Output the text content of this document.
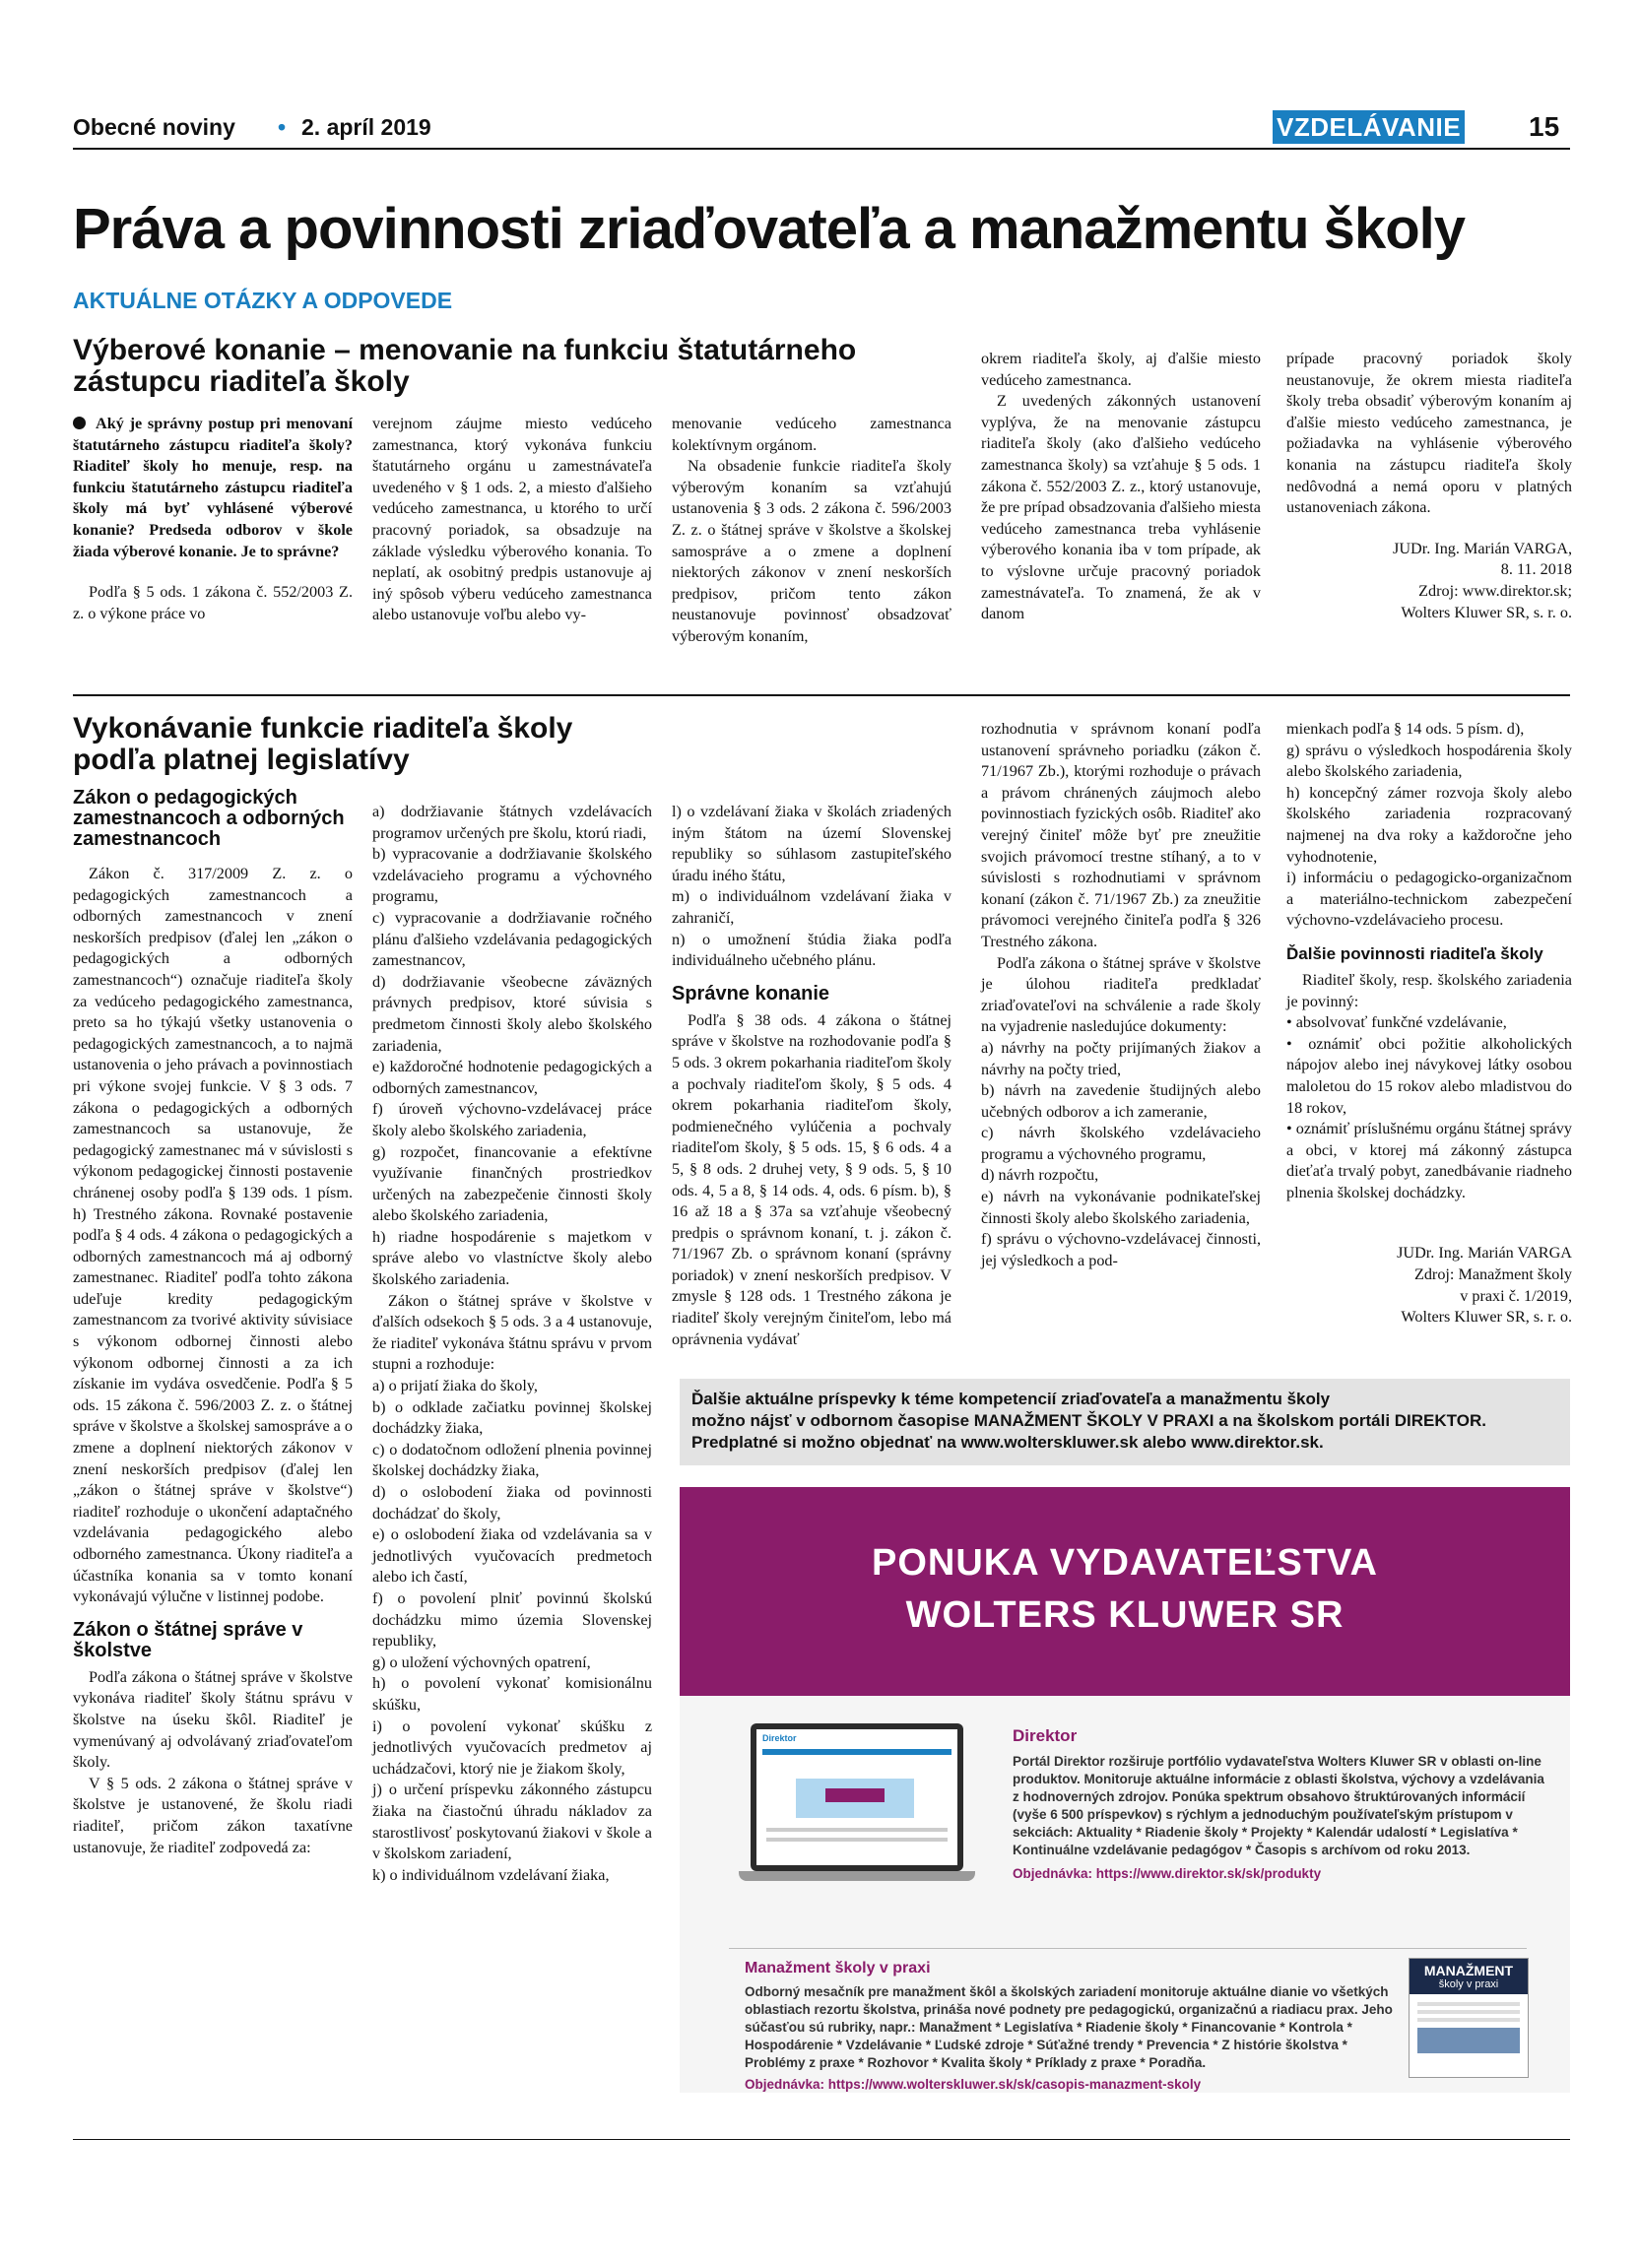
Obecné noviny • 2. apríl 2019	VZDELÁVANIE 15
Práva a povinnosti zriaďovateľa a manažmentu školy
AKTUÁLNE OTÁZKY A ODPOVEDE
Výberové konanie – menovanie na funkciu štatutárneho zástupcu riaditeľa školy

Aký je správny postup pri menovaní štatutárneho zástupcu riaditeľa školy? Riaditeľ školy ho menuje, resp. na funkciu štatutárneho zástupcu riaditeľa školy má byť vyhlásené výberové konanie? Predseda odborov v škole žiada výberové konanie. Je to správne?

Podľa § 5 ods. 1 zákona č. 552/2003 Z. z. o výkone práce vo

verejnom záujme miesto vedúceho zamestnanca, ktorý vykonáva funkciu štatutárneho orgánu u zamestnávateľa uvedeného v § 1 ods. 2, a miesto ďalšieho vedúceho zamestnanca, u ktorého to určí pracovný poriadok, sa obsadzuje na základe výsledku výberového konania. To neplatí, ak osobitný predpis ustanovuje aj iný spôsob výberu vedúceho zamestnanca alebo ustanovuje voľbu alebo vy-

menovanie vedúceho zamestnanca kolektívnym orgánom.

Na obsadenie funkcie riaditeľa školy výberovým konaním sa vzťahujú ustanovenia § 3 ods. 2 zákona č. 596/2003 Z. z. o štátnej správe v školstve a školskej samospráve a o zmene a doplnení niektorých zákonov v znení neskorších predpisov, pričom tento zákon neustanovuje povinnosť obsadzovať výberovým konaním,

okrem riaditeľa školy, aj ďalšie miesto vedúceho zamestnanca.

Z uvedených zákonných ustanovení vyplýva, že na menovanie zástupcu riaditeľa školy (ako ďalšieho vedúceho zamestnanca školy) sa vzťahuje § 5 ods. 1 zákona č. 552/2003 Z. z., ktorý ustanovuje, že pre prípad obsadzovania ďalšieho miesta vedúceho zamestnanca treba vyhlásenie výberového konania iba v tom prípade, ak to výslovne určuje pracovný poriadok zamestnávateľa. To znamená, že ak v danom

prípade pracovný poriadok školy neustanovuje, že okrem miesta riaditeľa školy treba obsadiť výberovým konaním aj ďalšie miesto vedúceho zamestnanca, je požiadavka na vyhlásenie výberového konania na zástupcu riaditeľa školy nedôvodná a nemá oporu v platných ustanoveniach zákona.

JUDr. Ing. Marián VARGA,

8. 11. 2018

Zdroj: www.direktor.sk;

Wolters Kluwer SR, s. r. o.

Vykonávanie funkcie riaditeľa školy podľa platnej legislatívy
Zákon o pedagogických zamestnancoch a odborných zamestnancoch

Zákon č. 317/2009 Z. z. o pedagogických zamestnancoch a odborných zamestnancoch v znení neskorších predpisov (ďalej len „zákon o pedagogických a odborných zamestnancoch“) označuje riaditeľa školy za vedúceho pedagogického zamestnanca, preto sa ho týkajú všetky ustanovenia o pedagogických zamestnancoch, a to najmä ustanovenia o jeho právach a povinnostiach pri výkone svojej funkcie. V § 3 ods. 7 zákona o pedagogických a odborných zamestnancoch sa ustanovuje, že pedagogický zamestnanec má v súvislosti s výkonom pedagogickej činnosti postavenie chránenej osoby podľa § 139 ods. 1 písm. h) Trestného zákona. Rovnaké postavenie podľa § 4 ods. 4 zákona o pedagogických a odborných zamestnancoch má aj odborný zamestnanec. Riaditeľ podľa tohto zákona udeľuje kredity pedagogickým zamestnancom za tvorivé aktivity súvisiace s výkonom odbornej činnosti alebo výkonom odbornej činnosti a za ich získanie im vydáva osvedčenie. Podľa § 5 ods. 15 zákona č. 596/2003 Z. z. o štátnej správe v školstve a školskej samospráve a o zmene a doplnení niektorých zákonov v znení neskorších predpisov (ďalej len „zákon o štátnej správe v školstve“) riaditeľ rozhoduje o ukončení adaptačného vzdelávania pedagogického alebo odborného zamestnanca. Úkony riaditeľa a účastníka konania sa v tomto konaní vykonávajú výlučne v listinnej podobe.

Zákon o štátnej správe v školstve

Podľa zákona o štátnej správe v školstve vykonáva riaditeľ školy štátnu správu v školstve na úseku škôl. Riaditeľ je vymenúvaný aj odvolávaný zriaďovateľom školy.

V § 5 ods. 2 zákona o štátnej správe v školstve je ustanovené, že školu riadi riaditeľ, pričom zákon taxatívne ustanovuje, že riaditeľ zodpovedá za:

a) dodržiavanie štátnych vzdelávacích programov určených pre školu, ktorú riadi,

b) vypracovanie a dodržiavanie školského vzdelávacieho programu a výchovného programu,

c) vypracovanie a dodržiavanie ročného plánu ďalšieho vzdelávania pedagogických zamestnancov,

d) dodržiavanie všeobecne záväzných právnych predpisov, ktoré súvisia s predmetom činnosti školy alebo školského zariadenia,

e) každoročné hodnotenie pedagogických a odborných zamestnancov,

f) úroveň výchovno-vzdelávacej práce školy alebo školského zariadenia,

g) rozpočet, financovanie a efektívne využívanie finančných prostriedkov určených na zabezpečenie činnosti školy alebo školského zariadenia,

h) riadne hospodárenie s majetkom v správe alebo vo vlastníctve školy alebo školského zariadenia.

Zákon o štátnej správe v školstve v ďalších odsekoch § 5 ods. 3 a 4 ustanovuje, že riaditeľ vykonáva štátnu správu v prvom stupni a rozhoduje:

a) o prijatí žiaka do školy,

b) o odklade začiatku povinnej školskej dochádzky žiaka,

c) o dodatočnom odložení plnenia povinnej školskej dochádzky žiaka,

d) o oslobodení žiaka od povinnosti dochádzať do školy,

e) o oslobodení žiaka od vzdelávania sa v jednotlivých vyučovacích predmetoch alebo ich častí,

f) o povolení plniť povinnú školskú dochádzku mimo územia Slovenskej republiky,

g) o uložení výchovných opatrení,

h) o povolení vykonať komisionálnu skúšku,

i) o povolení vykonať skúšku z jednotlivých vyučovacích predmetov aj uchádzačovi, ktorý nie je žiakom školy,

j) o určení príspevku zákonného zástupcu žiaka na čiastočnú úhradu nákladov za starostlivosť poskytovanú žiakovi v škole a v školskom zariadení,

k) o individuálnom vzdelávaní žiaka,

l) o vzdelávaní žiaka v školách zriadených iným štátom na území Slovenskej republiky so súhlasom zastupiteľského úradu iného štátu,

m) o individuálnom vzdelávaní žiaka v zahraničí,

n) o umožnení štúdia žiaka podľa individuálneho učebného plánu.

Správne konanie

Podľa § 38 ods. 4 zákona o štátnej správe v školstve na rozhodovanie podľa § 5 ods. 3 okrem pokarhania riaditeľom školy a pochvaly riaditeľom školy, § 5 ods. 4 okrem pokarhania riaditeľom školy, podmienečného vylúčenia a pochvaly riaditeľom školy, § 5 ods. 15, § 6 ods. 4 a 5, § 8 ods. 2 druhej vety, § 9 ods. 5, § 10 ods. 4, 5 a 8, § 14 ods. 4, ods. 6 písm. b), § 16 až 18 a § 37a sa vzťahuje všeobecný predpis o správnom konaní, t. j. zákon č. 71/1967 Zb. o správnom konaní (správny poriadok) v znení neskorších predpisov. V zmysle § 128 ods. 1 Trestného zákona je riaditeľ školy verejným činiteľom, lebo má oprávnenia vydávať

rozhodnutia v správnom konaní podľa ustanovení správneho poriadku (zákon č. 71/1967 Zb.), ktorými rozhoduje o právach a právom chránených záujmoch alebo povinnostiach fyzických osôb. Riaditeľ ako verejný činiteľ môže byť pre zneužitie svojich právomocí trestne stíhaný, a to v súvislosti s rozhodnutiami v správnom konaní (zákon č. 71/1967 Zb.) za zneužitie právomoci verejného činiteľa podľa § 326 Trestného zákona.

Podľa zákona o štátnej správe v školstve je úlohou riaditeľa predkladať zriaďovateľovi na schválenie a rade školy na vyjadrenie nasledujúce dokumenty:

a) návrhy na počty prijímaných žiakov a návrhy na počty tried,

b) návrh na zavedenie študijných alebo učebných odborov a ich zameranie,

c) návrh školského vzdelávacieho programu a výchovného programu,

d) návrh rozpočtu,

e) návrh na vykonávanie podnikateľskej činnosti školy alebo školského zariadenia,

f) správu o výchovno-vzdelávacej činnosti, jej výsledkoch a pod-

mienkach podľa § 14 ods. 5 písm. d),

g) správu o výsledkoch hospodárenia školy alebo školského zariadenia,

h) koncepčný zámer rozvoja školy alebo školského zariadenia rozpracovaný najmenej na dva roky a každoročne jeho vyhodnotenie,

i) informáciu o pedagogicko-organizačnom a materiálno-technickom zabezpečení výchovno-vzdelávacieho procesu.

Ďalšie povinnosti riaditeľa školy

Riaditeľ školy, resp. školského zariadenia je povinný:

• absolvovať funkčné vzdelávanie,

• oznámiť obci požitie alkoholických nápojov alebo inej návykovej látky osobou maloletou do 15 rokov alebo mladistvou do 18 rokov,

• oznámiť príslušnému orgánu štátnej správy a obci, v ktorej má zákonný zástupca dieťaťa trvalý pobyt, zanedbávanie riadneho plnenia školskej dochádzky.

JUDr. Ing. Marián VARGA

Zdroj: Manažment školy

v praxi č. 1/2019,

Wolters Kluwer SR, s. r. o.

Ďalšie aktuálne príspevky k téme kompetencií zriaďovateľa a manažmentu školy
možno nájsť v odbornom časopise MANAŽMENT ŠKOLY V PRAXI a na školskom portáli DIREKTOR.
Predplatné si možno objednať na www.wolterskluwer.sk alebo www.direktor.sk.
PONUKA VYDAVATEĽSTVA
WOLTERS KLUWER SR
Direktor	Direktor
Portál Direktor rozširuje portfólio vydavateľstva Wolters Kluwer SR v oblasti on-line produktov. Monitoruje aktuálne informácie z oblasti školstva, výchovy a vzdelávania z hodnoverných zdrojov. Ponúka spektrum obsahovo štruktúrovaných informácií (vyše 6 500 príspevkov) s rýchlym a jednoduchým používateľským prístupom v sekciách: Aktuality * Riadenie školy * Projekty * Kalendár udalostí * Legislatíva * Kontinuálne vzdelávanie pedagógov * Časopis s archívom od roku 2013.
Objednávka: https://www.direktor.sk/sk/produkty
Manažment školy v praxi
Odborný mesačník pre manažment škôl a školských zariadení monitoruje aktuálne dianie vo všetkých oblastiach rezortu školstva, prináša nové podnety pre pedagogickú, organizačnú a riadiacu prax. Jeho súčasťou sú rubriky, napr.: Manažment * Legislatíva * Riadenie školy * Financovanie * Kontrola * Hospodárenie * Vzdelávanie * Ľudské zdroje * Súťažné trendy * Prevencia * Z histórie školstva * Problémy z praxe * Rozhovor * Kvalita školy * Príklady z praxe * Poradňa.
Objednávka: https://www.wolterskluwer.sk/sk/casopis-manazment-skoly
MANAŽMENT
školy v praxi
